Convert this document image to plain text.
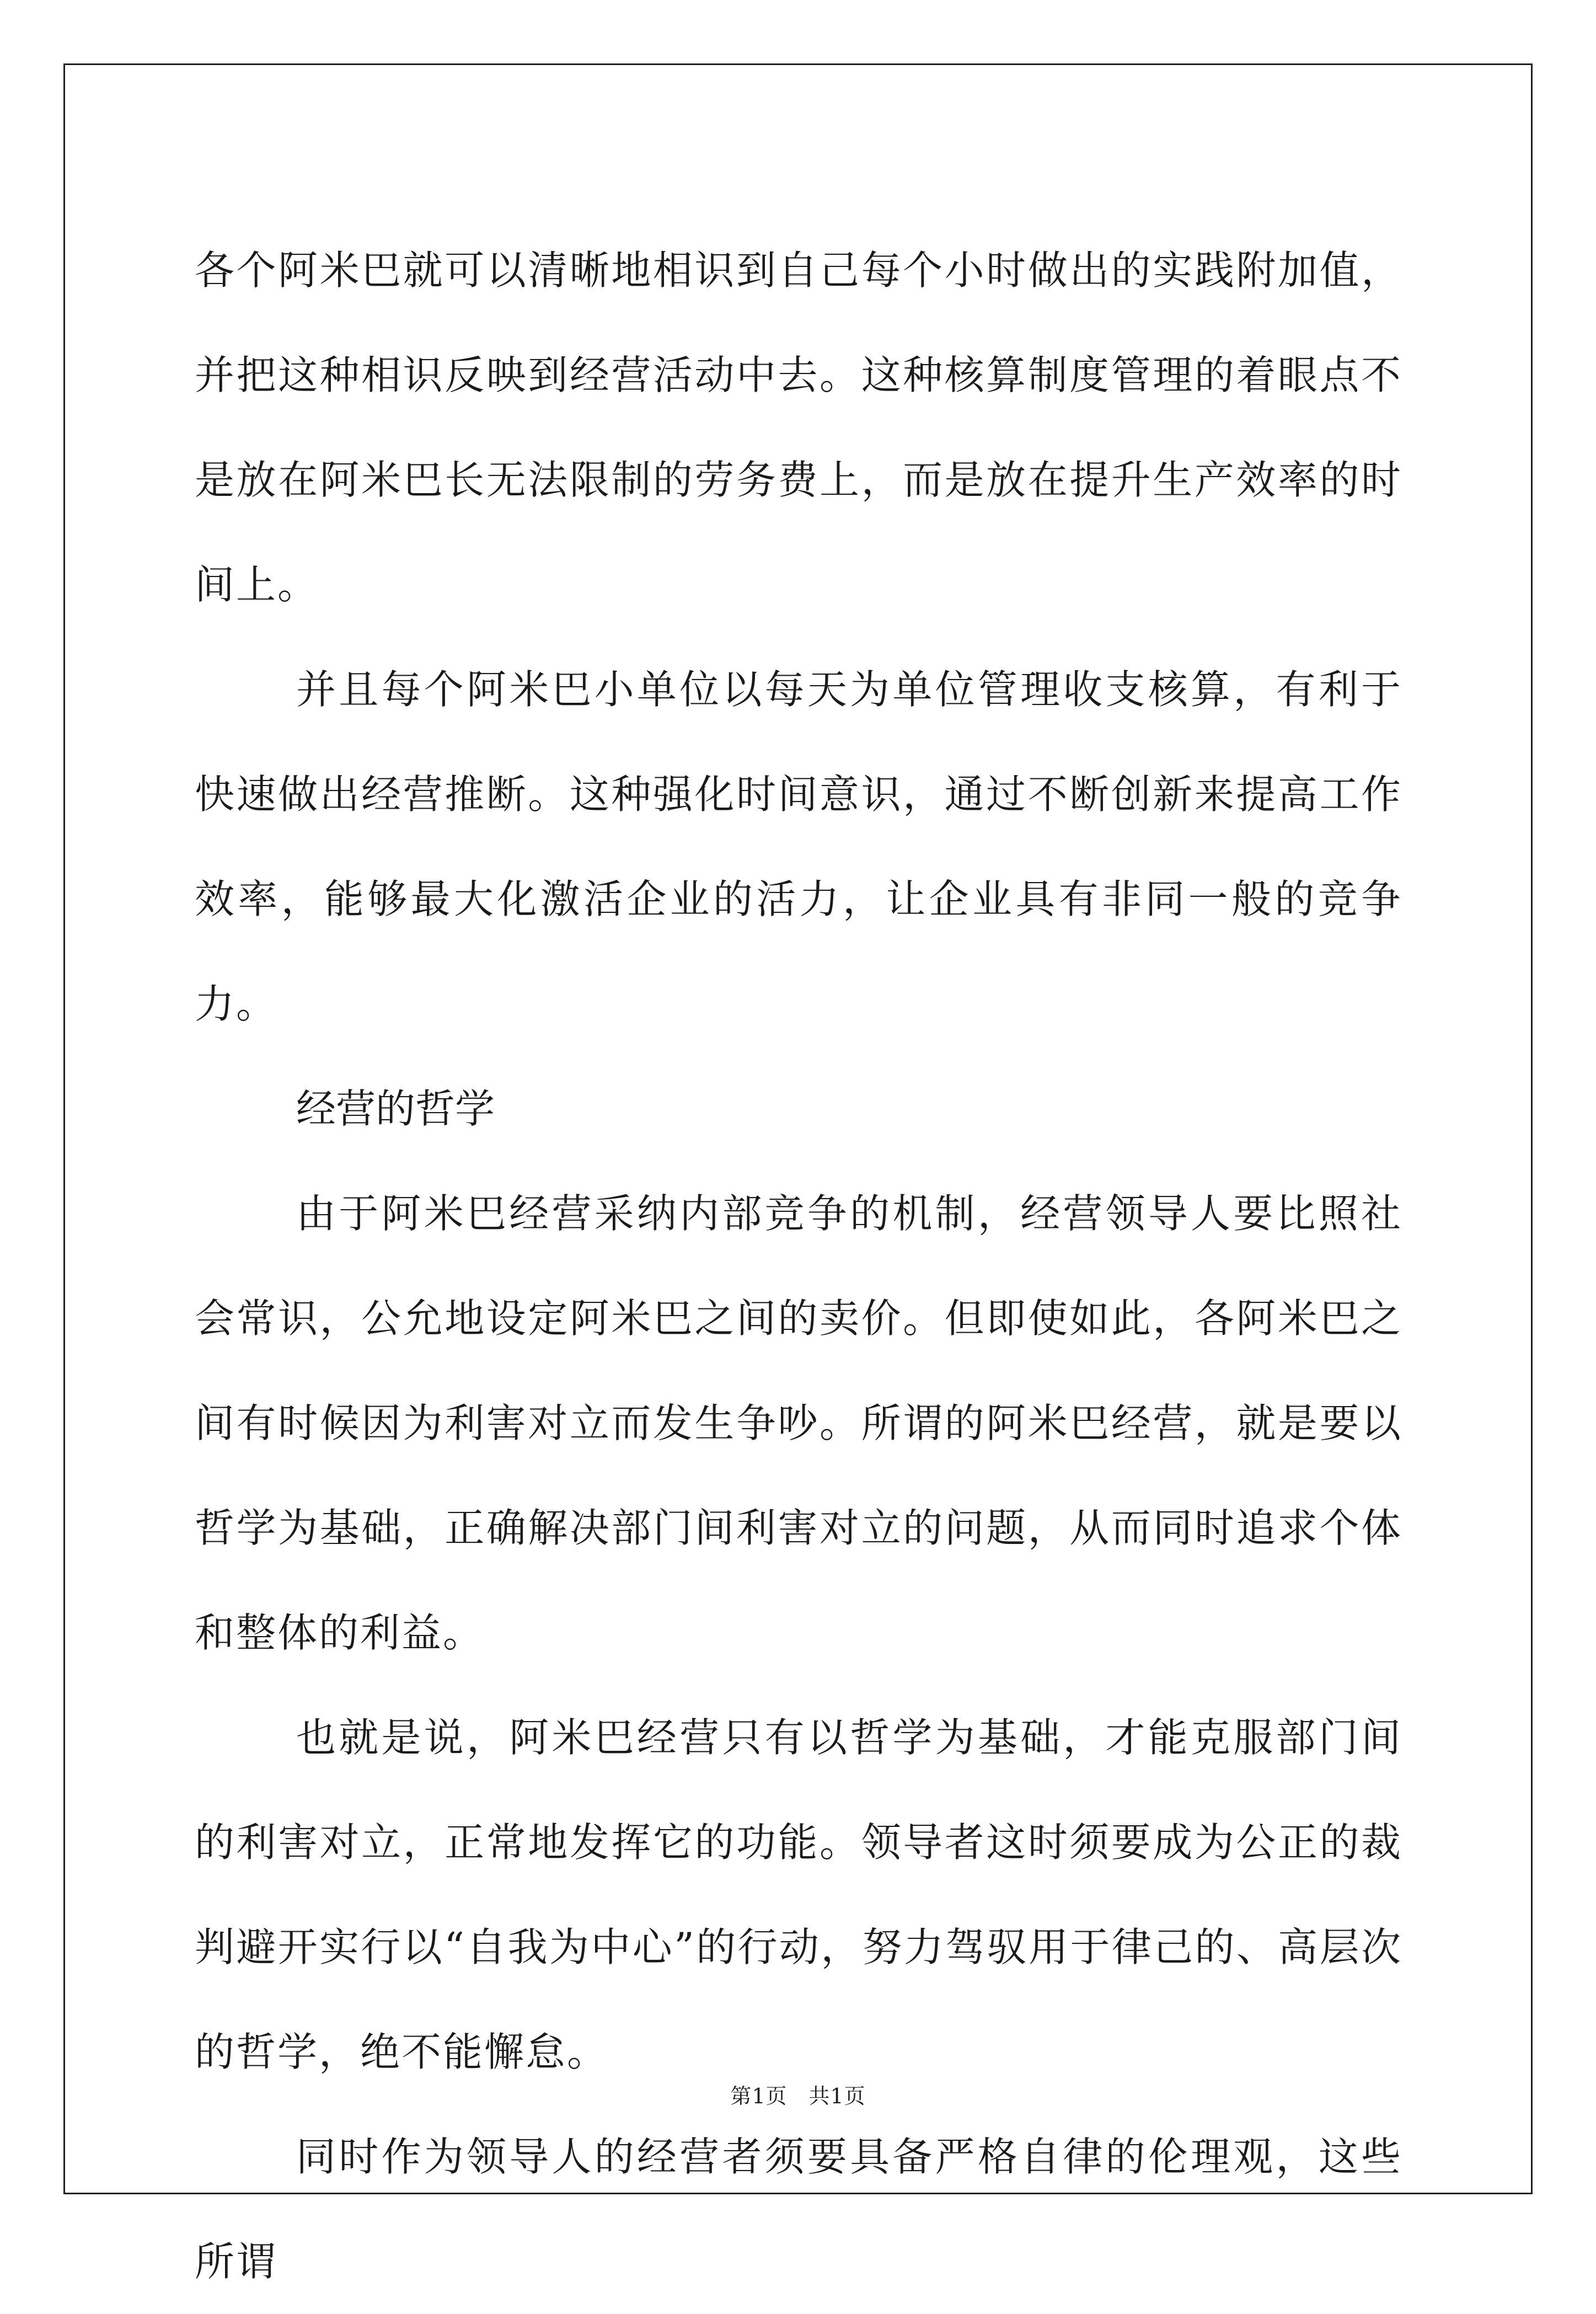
各个阿米巴就可以清晰地相识到自己每个小时做出的实践附加值，并把这种相识反映到经营活动中去。这种核算制度管理的着眼点不是放在阿米巴长无法限制的劳务费上，而是放在提升生产效率的时间上。

并且每个阿米巴小单位以每天为单位管理收支核算，有利于快速做出经营推断。这种强化时间意识，通过不断创新来提高工作效率，能够最大化激活企业的活力，让企业具有非同一般的竞争力。

经营的哲学

由于阿米巴经营采纳内部竞争的机制，经营领导人要比照社会常识，公允地设定阿米巴之间的卖价。但即使如此，各阿米巴之间有时候因为利害对立而发生争吵。所谓的阿米巴经营，就是要以哲学为基础，正确解决部门间利害对立的问题，从而同时追求个体和整体的利益。

也就是说，阿米巴经营只有以哲学为基础，才能克服部门间的利害对立，正常地发挥它的功能。领导者这时须要成为公正的裁判避开实行以“自我为中心”的行动，努力驾驭用于律己的、高层次的哲学，绝不能懈怠。

同时作为领导人的经营者须要具备严格自律的伦理观，这些所谓

第1页　共1页
